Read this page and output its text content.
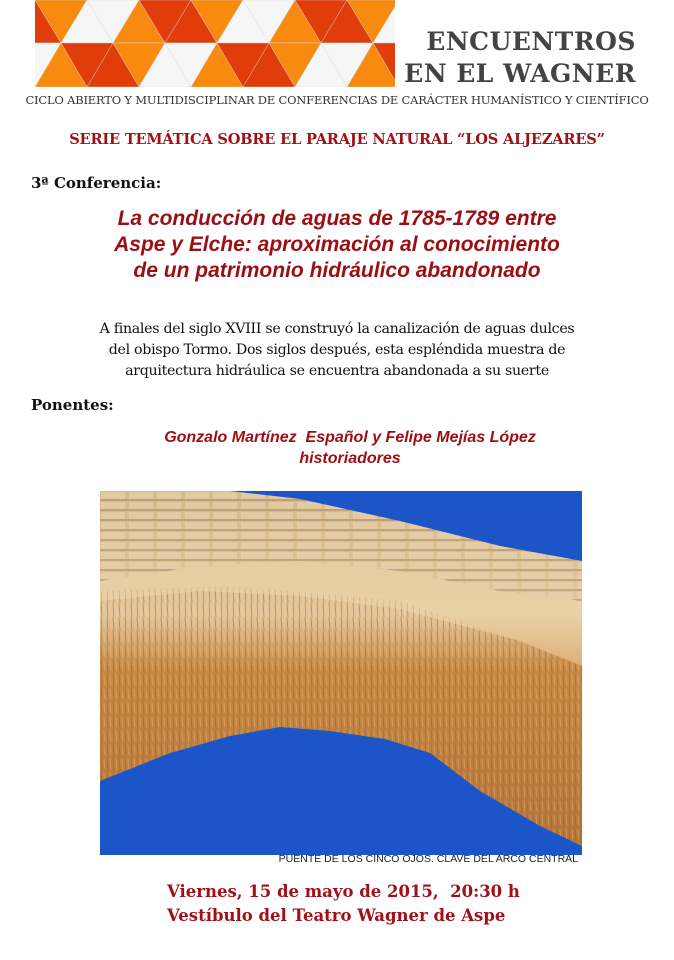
ENCUENTROS
EN EL WAGNER
CICLO ABIERTO Y MULTIDISCIPLINAR DE CONFERENCIAS DE CARÁCTER HUMANÍSTICO Y CIENTÍFICO
SERIE TEMÁTICA SOBRE EL PARAJE NATURAL “LOS ALJEZARES”
3ª Conferencia:
La conducción de aguas de 1785-1789 entre
Aspe y Elche: aproximación al conocimiento
de un patrimonio hidráulico abandonado
A finales del siglo XVIII se construyó la canalización de aguas dulces
del obispo Tormo. Dos siglos después, esta espléndida muestra de
arquitectura hidráulica se encuentra abandonada a su suerte
Ponentes:
Gonzalo Martínez  Español y Felipe Mejías López
historiadores
PUENTE DE LOS CINCO OJOS. CLAVE DEL ARCO CENTRAL
Viernes, 15 de mayo de 2015,  20:30 h
Vestíbulo del Teatro Wagner de Aspe
